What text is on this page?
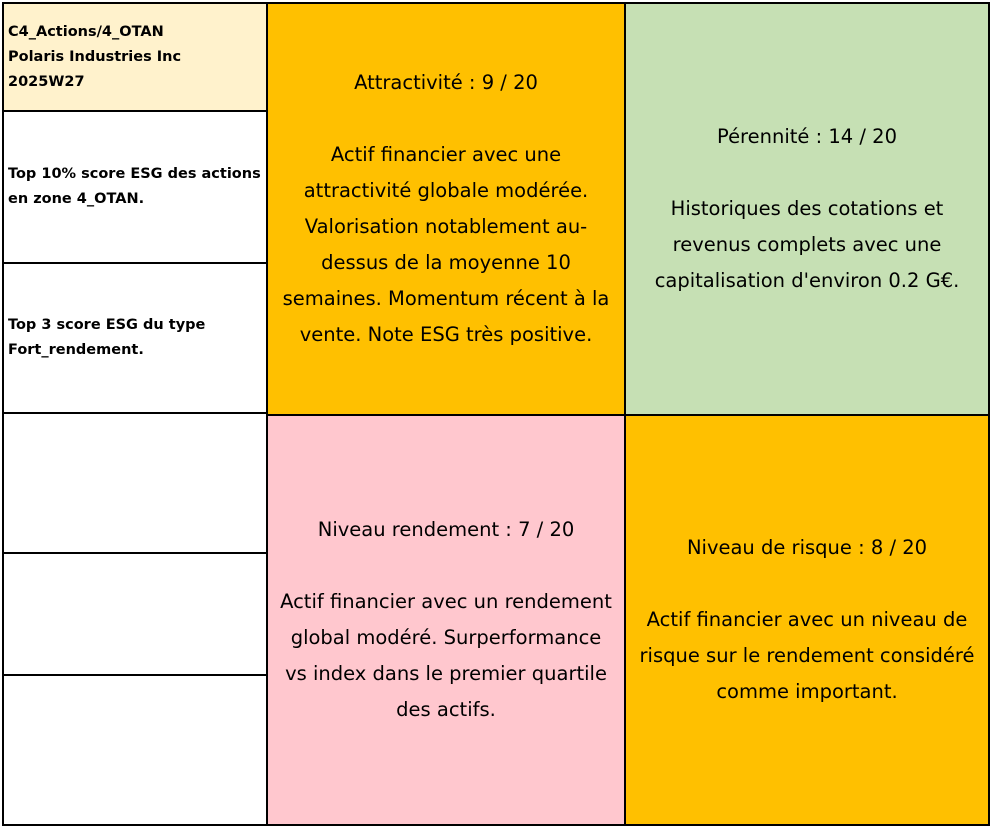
C4_Actions/4_OTAN
Polaris Industries Inc
2025W27
Top 10% score ESG des actions en zone 4_OTAN.
Top 3 score ESG du type Fort_rendement.

Attractivité : 9 / 20

Actif financier avec une attractivité globale modérée. Valorisation notablement au-dessus de la moyenne 10 semaines. Momentum récent à la vente. Note ESG très positive.

Pérennité : 14 / 20

Historiques des cotations et revenus complets avec une capitalisation d'environ 0.2 G€.

Niveau rendement : 7 / 20

Actif financier avec un rendement global modéré. Surperformance vs index dans le premier quartile des actifs.

Niveau de risque : 8 / 20

Actif financier avec un niveau de risque sur le rendement considéré comme important.
